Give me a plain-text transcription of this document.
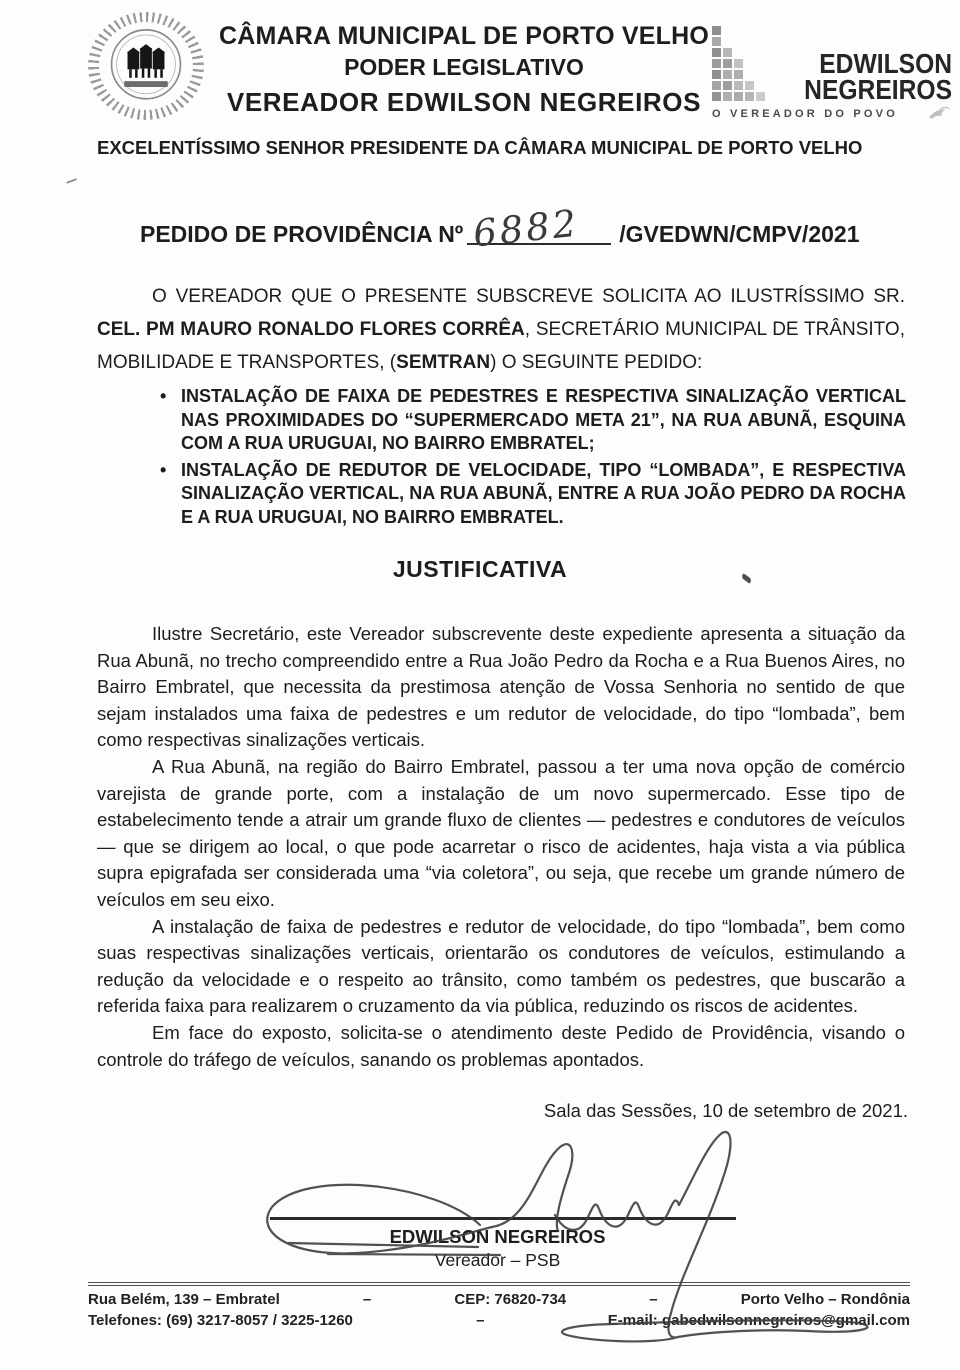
CÂMARA MUNICIPAL DE PORTO VELHO
PODER LEGISLATIVO
VEREADOR EDWILSON NEGREIROS
EDWILSON
NEGREIROS
O VEREADOR DO POVO
EXCELENTÍSSIMO SENHOR PRESIDENTE DA CÂMARA MUNICIPAL DE PORTO VELHO
PEDIDO DE PROVIDÊNCIA Nº 6882 /GVEDWN/CMPV/2021
O VEREADOR QUE O PRESENTE SUBSCREVE SOLICITA AO ILUSTRÍSSIMO SR. CEL. PM MAURO RONALDO FLORES CORRÊA, SECRETÁRIO MUNICIPAL DE TRÂNSITO, MOBILIDADE E TRANSPORTES, (SEMTRAN) O SEGUINTE PEDIDO:
• INSTALAÇÃO DE FAIXA DE PEDESTRES E RESPECTIVA SINALIZAÇÃO VERTICAL NAS PROXIMIDADES DO “SUPERMERCADO META 21”, NA RUA ABUNÃ, ESQUINA COM A RUA URUGUAI, NO BAIRRO EMBRATEL;
• INSTALAÇÃO DE REDUTOR DE VELOCIDADE, TIPO “LOMBADA”, E RESPECTIVA SINALIZAÇÃO VERTICAL, NA RUA ABUNÃ, ENTRE A RUA JOÃO PEDRO DA ROCHA E A RUA URUGUAI, NO BAIRRO EMBRATEL.
JUSTIFICATIVA

Ilustre Secretário, este Vereador subscrevente deste expediente apresenta a situação da Rua Abunã, no trecho compreendido entre a Rua João Pedro da Rocha e a Rua Buenos Aires, no Bairro Embratel, que necessita da prestimosa atenção de Vossa Senhoria no sentido de que sejam instalados uma faixa de pedestres e um redutor de velocidade, do tipo “lombada”, bem como respectivas sinalizações verticais.

A Rua Abunã, na região do Bairro Embratel, passou a ter uma nova opção de comércio varejista de grande porte, com a instalação de um novo supermercado. Esse tipo de estabelecimento tende a atrair um grande fluxo de clientes — pedestres e condutores de veículos — que se dirigem ao local, o que pode acarretar o risco de acidentes, haja vista a via pública supra epigrafada ser considerada uma “via coletora”, ou seja, que recebe um grande número de veículos em seu eixo.

A instalação de faixa de pedestres e redutor de velocidade, do tipo “lombada”, bem como suas respectivas sinalizações verticais, orientarão os condutores de veículos, estimulando a redução da velocidade e o respeito ao trânsito, como também os pedestres, que buscarão a referida faixa para realizarem o cruzamento da via pública, reduzindo os riscos de acidentes.

Em face do exposto, solicita-se o atendimento deste Pedido de Providência, visando o controle do tráfego de veículos, sanando os problemas apontados.

Sala das Sessões, 10 de setembro de 2021.
EDWILSON NEGREIROS
Vereador – PSB
Rua Belém, 139 – Embratel	–	CEP: 76820-734	–	Porto Velho – Rondônia
Telefones: (69) 3217-8057 / 3225-1260	–	E-mail: gabedwilsonnegreiros@gmail.com
